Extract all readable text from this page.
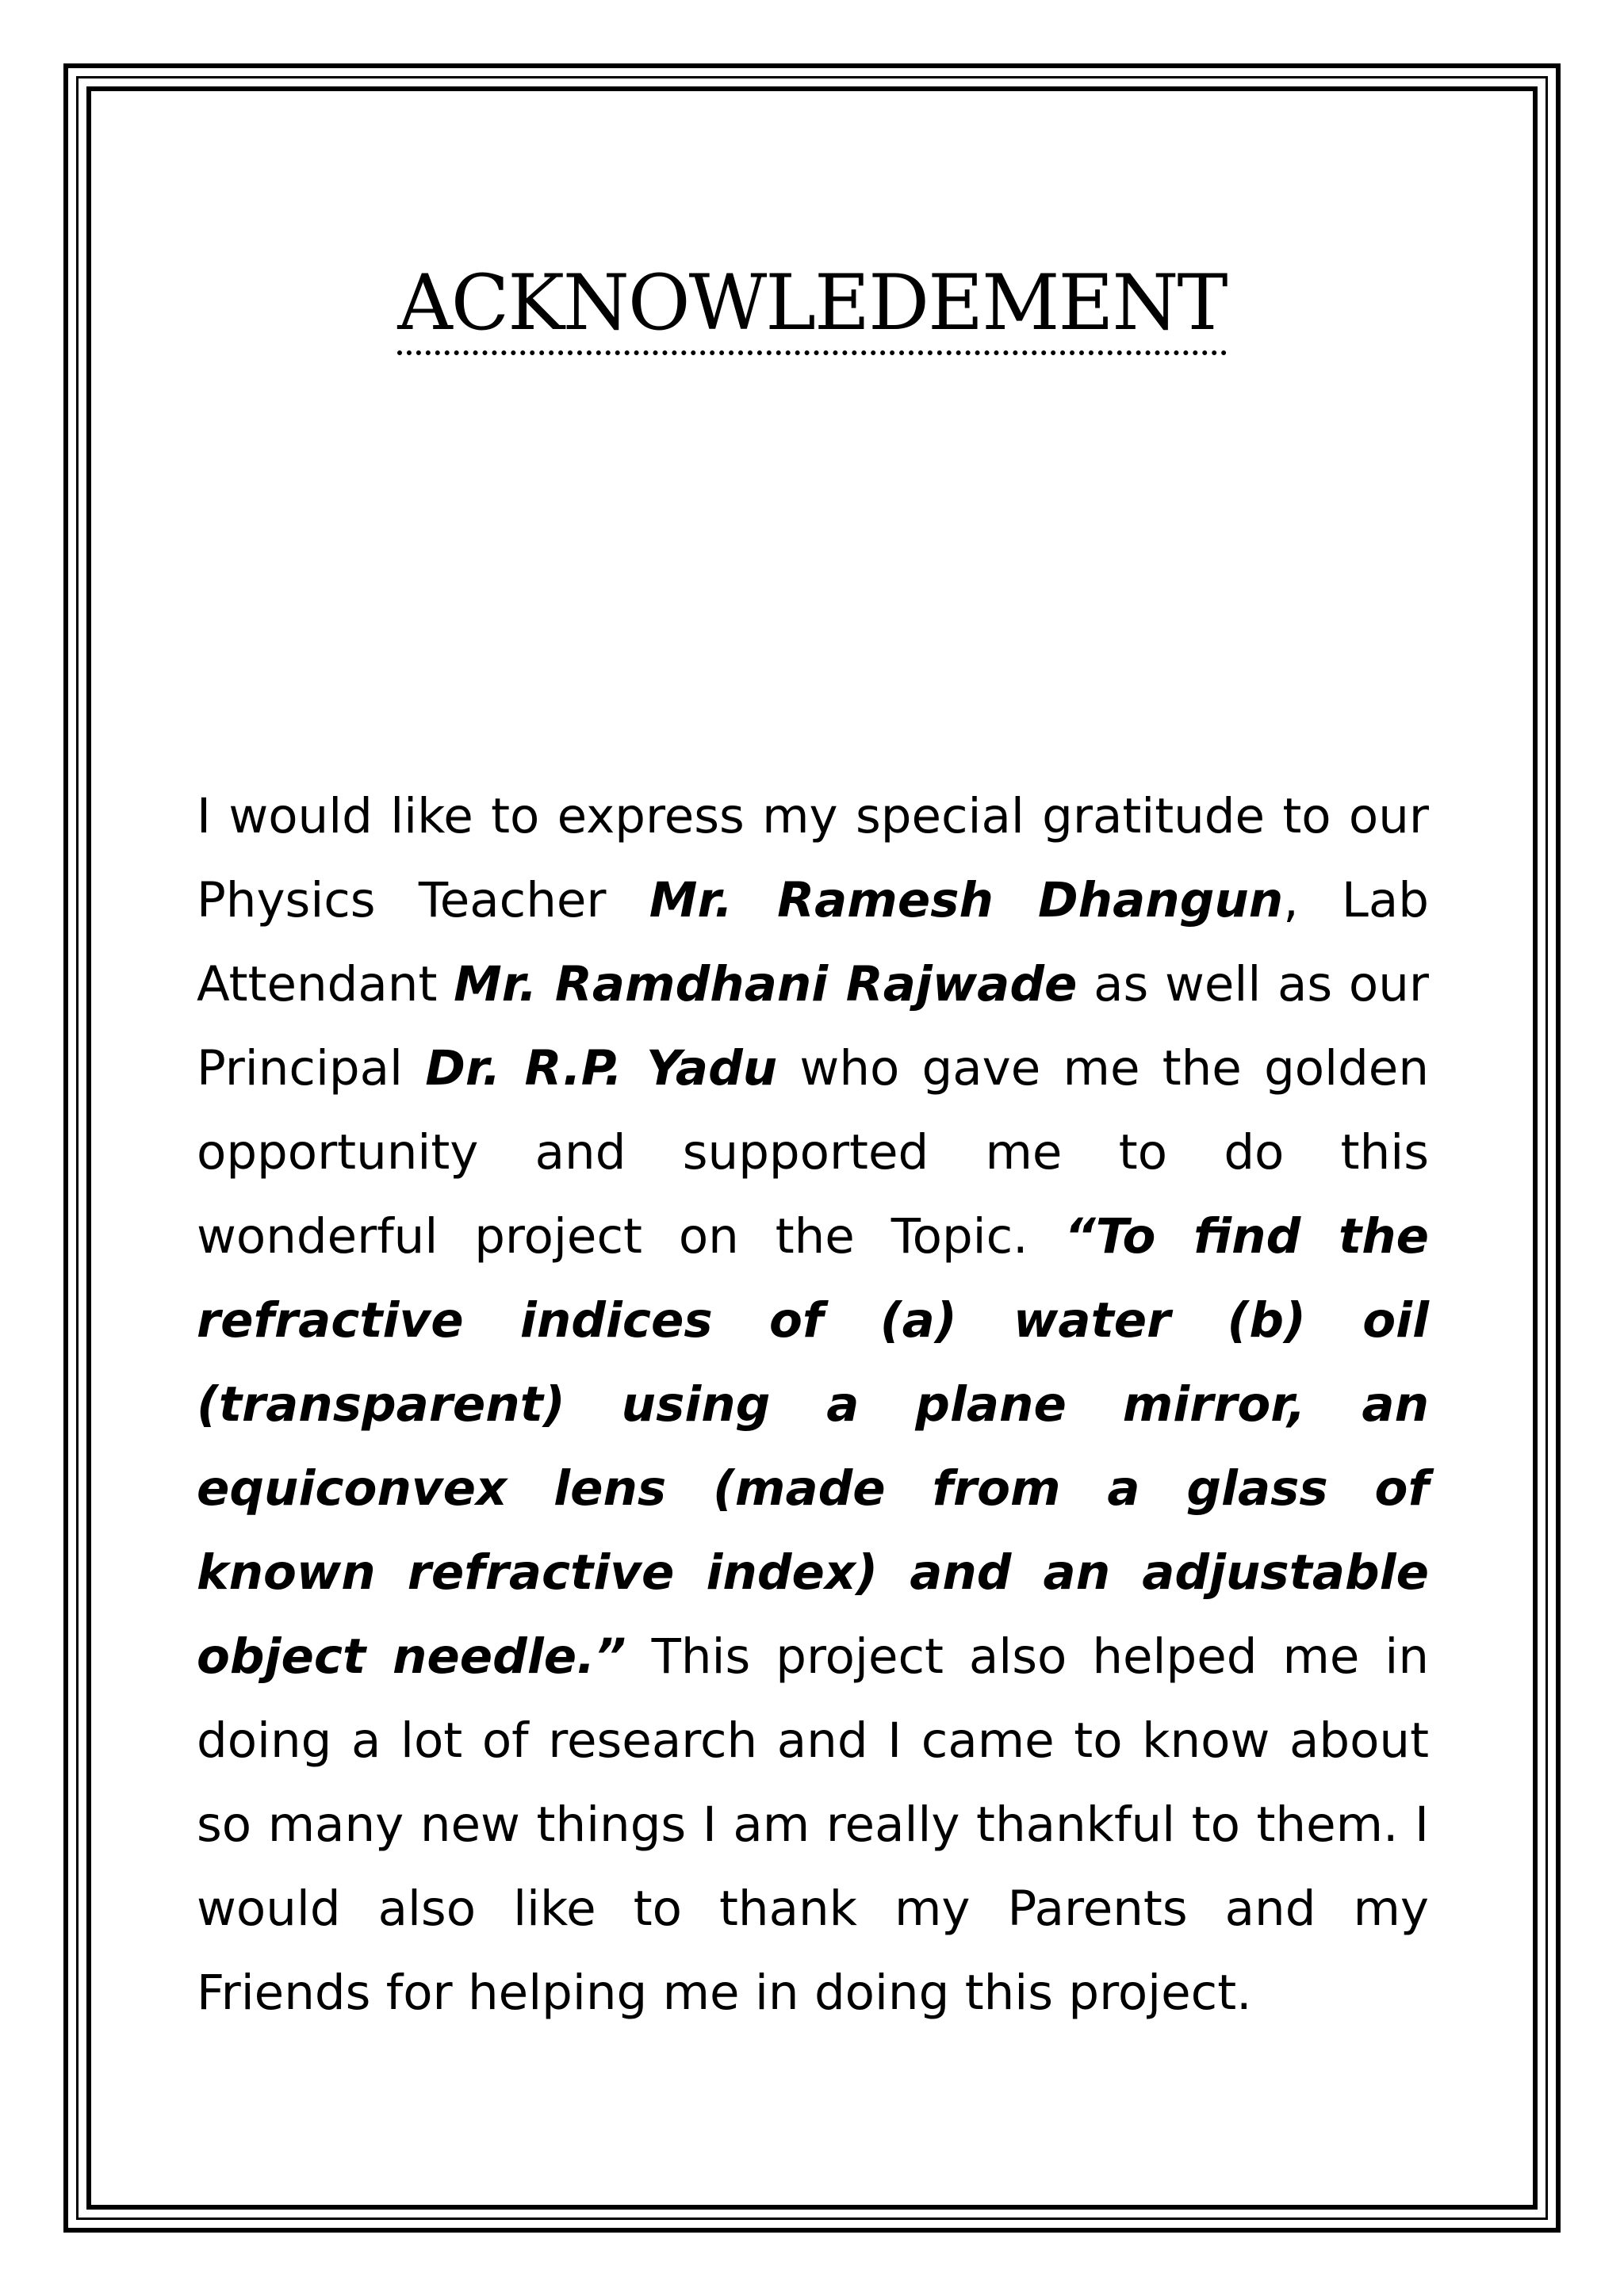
ACKNOWLEDEMENT

I would like to express my special gratitude to our Physics Teacher Mr. Ramesh Dhangun, Lab Attendant Mr. Ramdhani Rajwade as well as our Principal Dr. R.P. Yadu who gave me the golden opportunity and supported me to do this wonderful project on the Topic. “To find the refractive indices of (a) water (b) oil (transparent) using a plane mirror, an equiconvex lens (made from a glass of known refractive index) and an adjustable object needle.” This project also helped me in doing a lot of research and I came to know about so many new things I am really thankful to them. I would also like to thank my Parents and my Friends for helping me in doing this project.
